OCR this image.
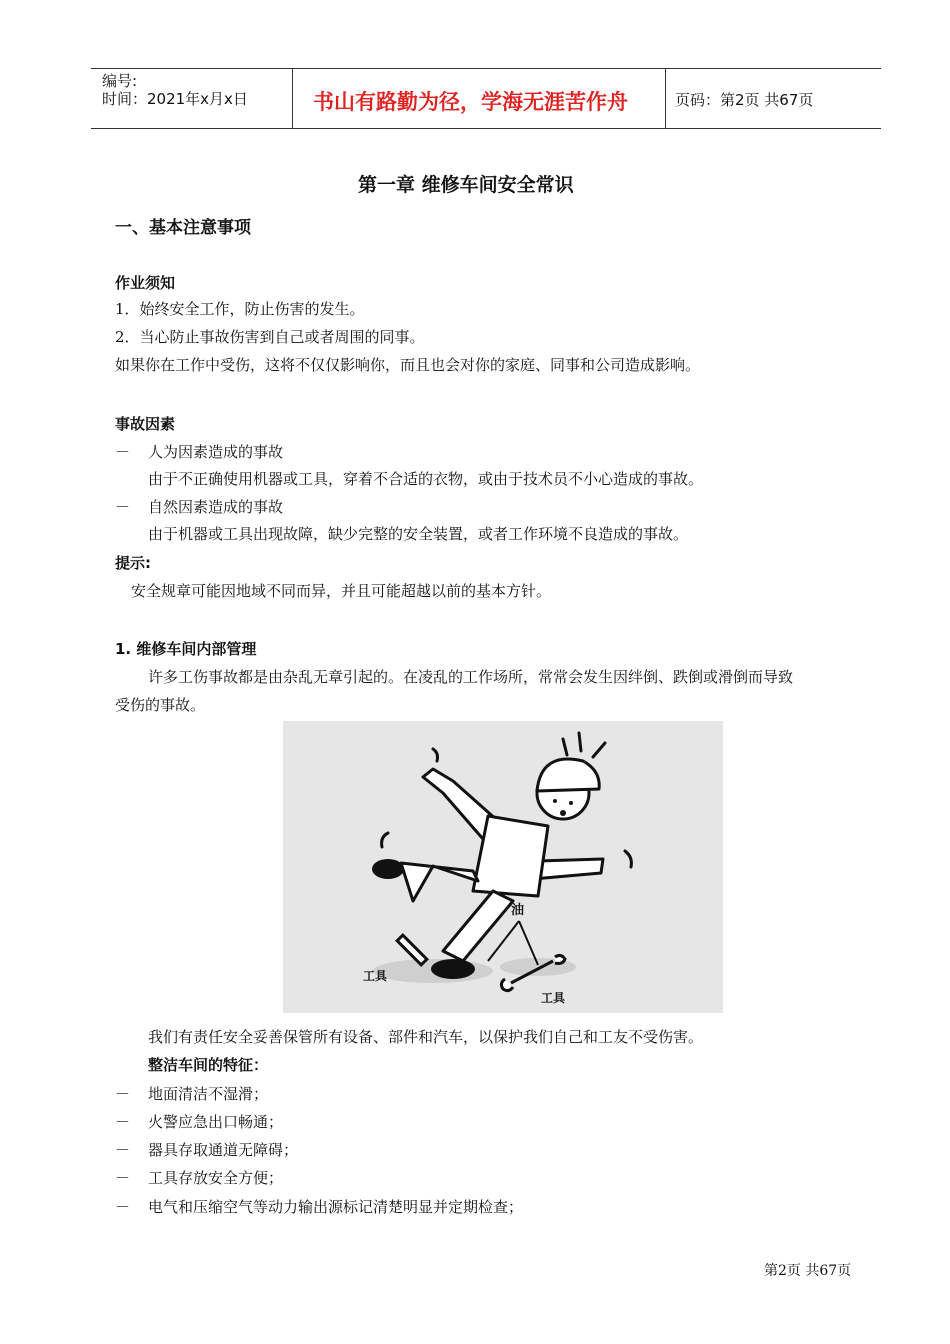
编号:
时间：2021年x月x日	书山有路勤为径，学海无涯苦作舟	页码：第2页 共67页
第一章 维修车间安全常识
一、基本注意事项
作业须知
1．始终安全工作，防止伤害的发生。
2．当心防止事故伤害到自己或者周围的同事。
如果你在工作中受伤，这将不仅仅影响你，而且也会对你的家庭、同事和公司造成影响。
事故因素
－ 人为因素造成的事故
由于不正确使用机器或工具，穿着不合适的衣物，或由于技术员不小心造成的事故。
－ 自然因素造成的事故
由于机器或工具出现故障，缺少完整的安全装置，或者工作环境不良造成的事故。
提示:
安全规章可能因地域不同而异，并且可能超越以前的基本方针。
1. 维修车间内部管理
许多工伤事故都是由杂乱无章引起的。在凌乱的工作场所，常常会发生因绊倒、跌倒或滑倒而导致
受伤的事故。
油
工具
工具
我们有责任安全妥善保管所有设备、部件和汽车，以保护我们自己和工友不受伤害。
整洁车间的特征：
－ 地面清洁不湿滑；
－ 火警应急出口畅通；
－ 器具存取通道无障碍；
－ 工具存放安全方便；
－ 电气和压缩空气等动力输出源标记清楚明显并定期检查；
第2页 共67页
